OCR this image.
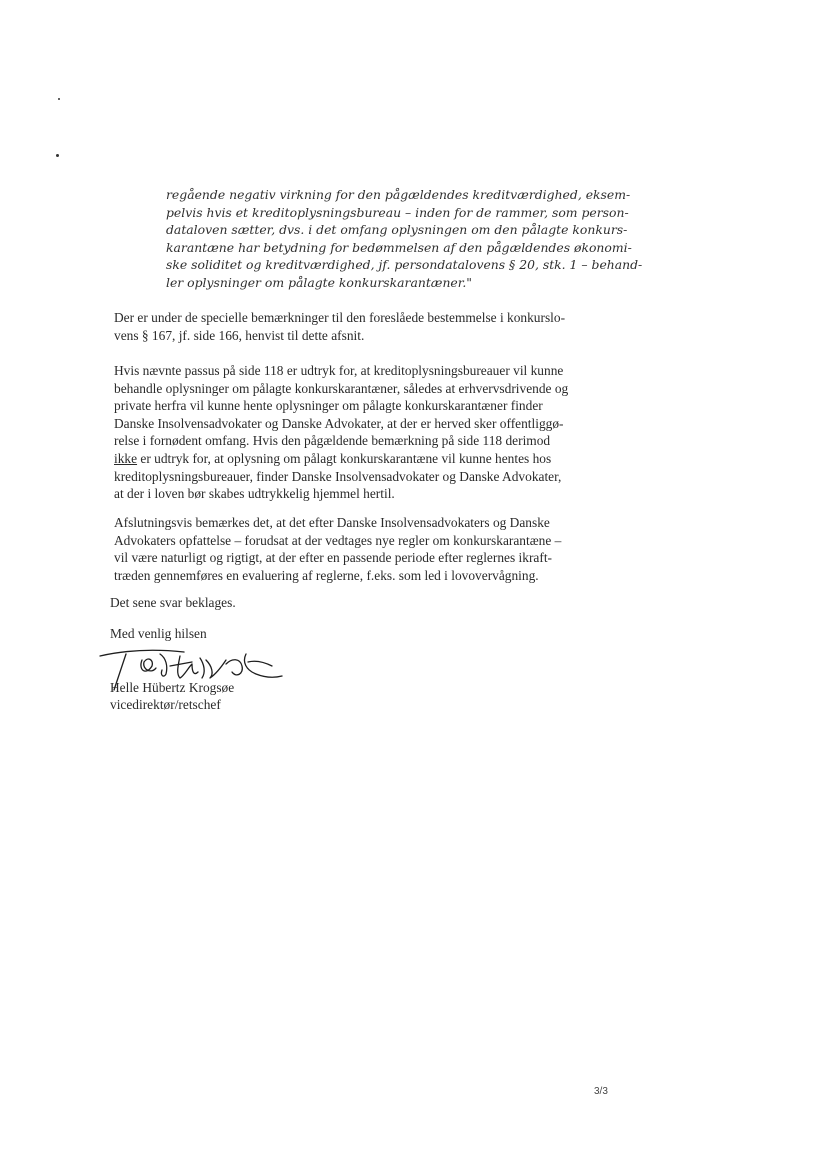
regående negativ virkning for den pågældendes kreditværdighed, eksem-
pelvis hvis et kreditoplysningsbureau – inden for de rammer, som person-
dataloven sætter, dvs. i det omfang oplysningen om den pålagte konkurs-
karantæne har betydning for bedømmelsen af den pågældendes økonomi-
ske soliditet og kreditværdighed, jf. persondatalovens § 20, stk. 1 – behand-
ler oplysninger om pålagte konkurskarantæner."
Der er under de specielle bemærkninger til den foreslåede bestemmelse i konkurslo-
vens § 167, jf. side 166, henvist til dette afsnit.
Hvis nævnte passus på side 118 er udtryk for, at kreditoplysningsbureauer vil kunne
behandle oplysninger om pålagte konkurskarantæner, således at erhvervsdrivende og
private herfra vil kunne hente oplysninger om pålagte konkurskarantæner finder
Danske Insolvensadvokater og Danske Advokater, at der er herved sker offentliggø-
relse i fornødent omfang. Hvis den pågældende bemærkning på side 118 derimod
ikke er udtryk for, at oplysning om pålagt konkurskarantæne vil kunne hentes hos
kreditoplysningsbureauer, finder Danske Insolvensadvokater og Danske Advokater,
at der i loven bør skabes udtrykkelig hjemmel hertil.
Afslutningsvis bemærkes det, at det efter Danske Insolvensadvokaters og Danske
Advokaters opfattelse – forudsat at der vedtages nye regler om konkurskarantæne –
vil være naturligt og rigtigt, at der efter en passende periode efter reglernes ikraft-
træden gennemføres en evaluering af reglerne, f.eks. som led i lovovervågning.
Det sene svar beklages.
Med venlig hilsen
Helle Hübertz Krogsøe
vicedirektør/retschef
3/3
